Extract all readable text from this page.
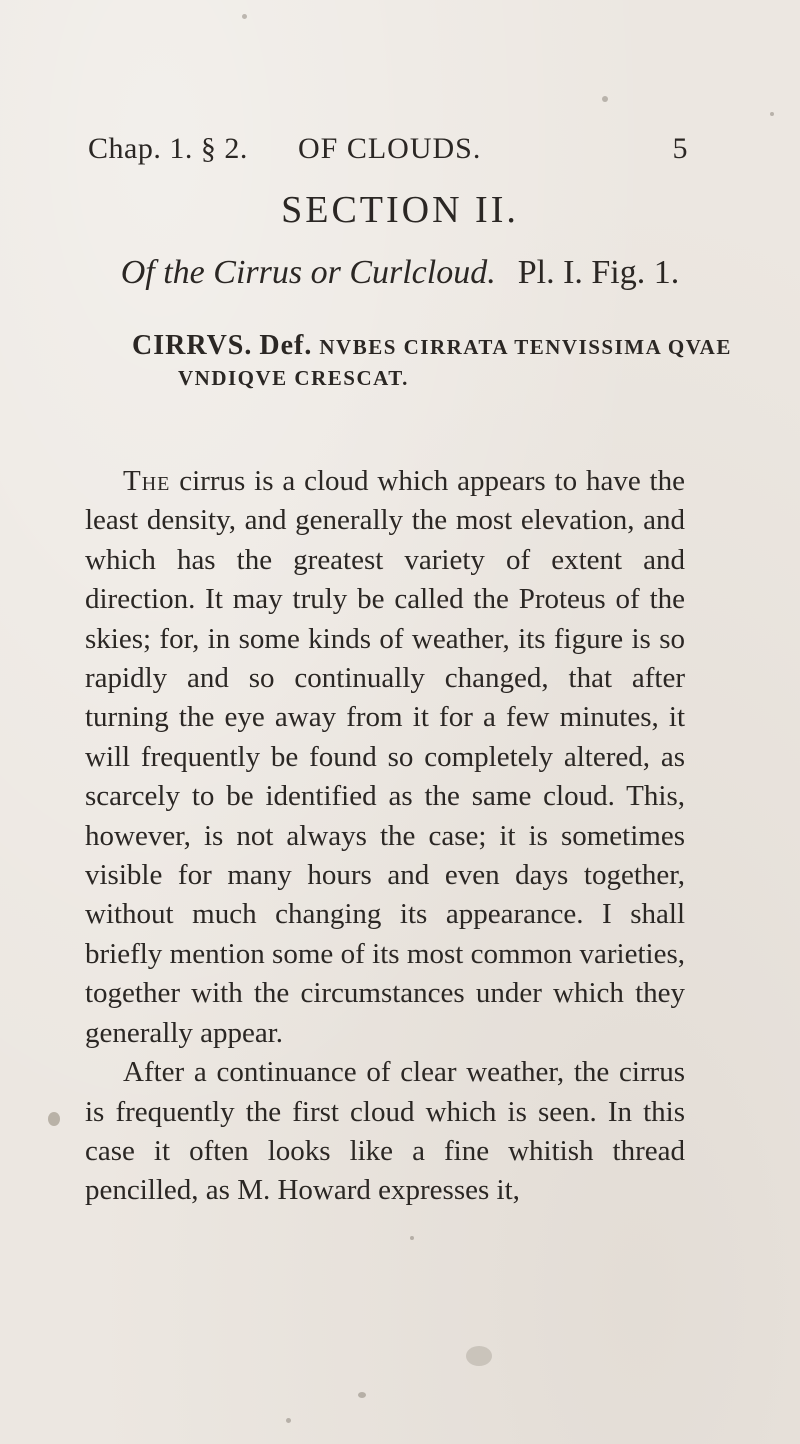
Chap. 1. § 2. OF CLOUDS.	5
SECTION II.
Of the Cirrus or Curlcloud. Pl. I. Fig. 1.
CIRRVS. Def. NVBES CIRRATA TENVISSIMA QVAE
VNDIQVE CRESCAT.

The cirrus is a cloud which appears to have the least density, and generally the most elevation, and which has the greatest variety of extent and direction. It may truly be called the Proteus of the skies; for, in some kinds of weather, its figure is so rapidly and so continually changed, that after turning the eye away from it for a few minutes, it will frequently be found so completely altered, as scarcely to be identified as the same cloud. This, however, is not always the case; it is sometimes visible for many hours and even days together, without much changing its appearance. I shall briefly mention some of its most common varieties, together with the circumstances under which they generally appear.

After a continuance of clear weather, the cirrus is frequently the first cloud which is seen. In this case it often looks like a fine whitish thread pencilled, as M. Howard expresses it,
